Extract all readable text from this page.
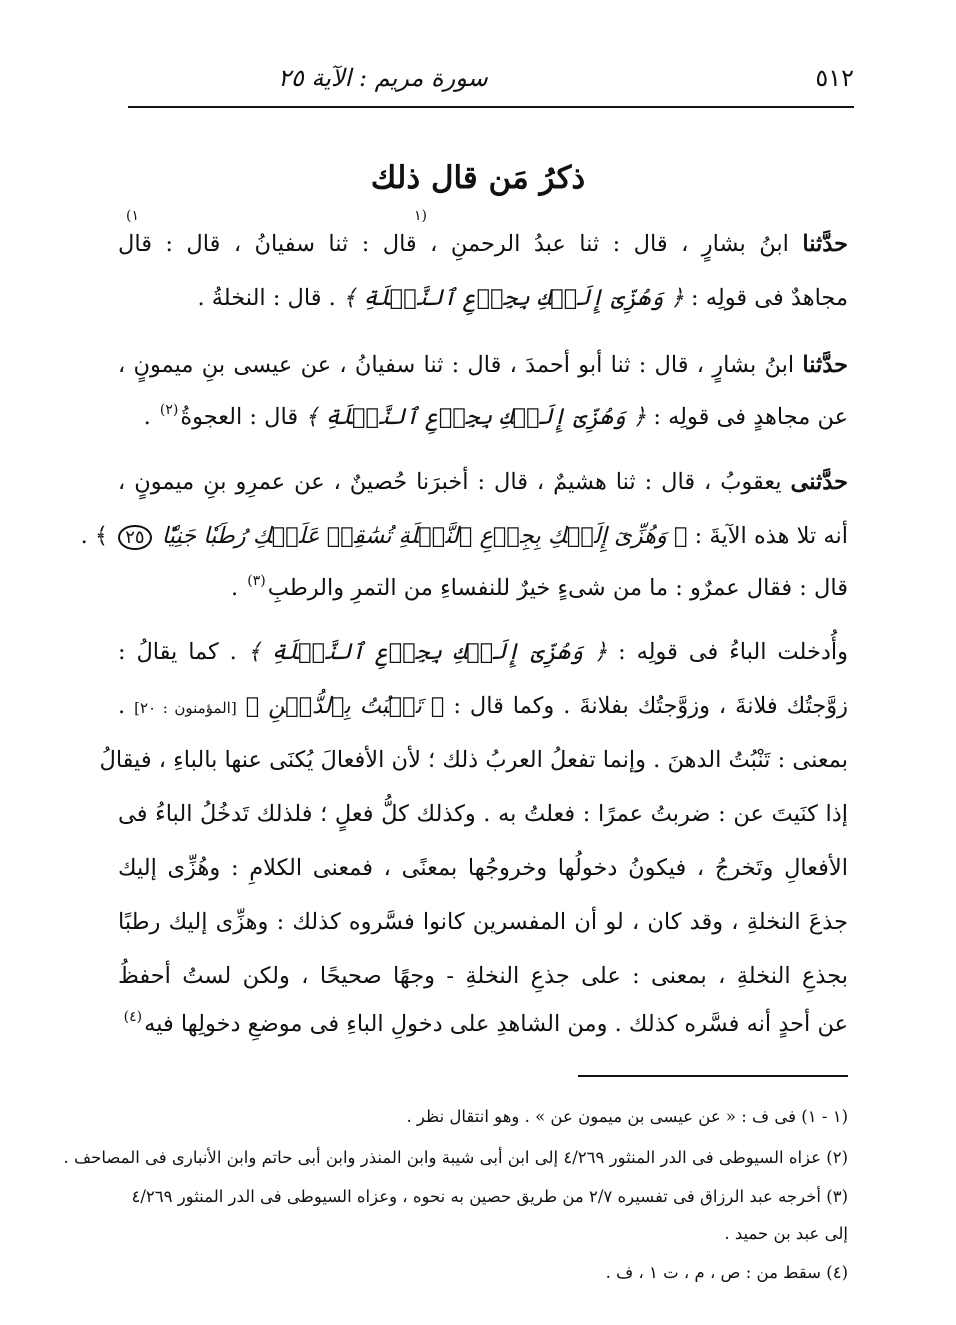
٥١٢
سورة مريم : الآية ٢٥
ذكرُ مَن قال ذلك
حدَّثنا ابنُ بشارٍ ، قال : ثنا عبدُ الرحمنِ ، قال : ثنا سفيانُ ، قال : قال
(١
١)
مجاهدٌ فى قولِه : ﴿ وَهُزِّىٓ إِلَيۡكِ بِجِذۡعِ ٱلنَّخۡلَةِ ﴾ . قال : النخلةُ .
حدَّثنا ابنُ بشارٍ ، قال : ثنا أبو أحمدَ ، قال : ثنا سفيانُ ، عن عيسى بنِ ميمونٍ ،
عن مجاهدٍ فى قولِه : ﴿ وَهُزِّىٓ إِلَيۡكِ بِجِذۡعِ ٱلنَّخۡلَةِ ﴾ قال : العجوةُ$^{(٢)}$ .
حدَّثنى يعقوبُ ، قال : ثنا هشيمٌ ، قال : أخبرَنا حُصينٌ ، عن عمرِو بنِ ميمونٍ ،
أنه تلا هذه الآيةَ : ﴿ وَهُزِّىٓ إِلَيۡكِ بِجِذۡعِ ٱلنَّخۡلَةِ تُسَٰقِطۡ عَلَيۡكِ رُطَبٗا جَنِيّٗا ٢٥ ﴾ .
قال : فقال عمرٌو : ما من شىءٍ خيرٌ للنفساءِ من التمرِ والرطبِ$^{(٣)}$ .
وأُدخلت الباءُ فى قولِه : ﴿ وَهُزِّىٓ إِلَيۡكِ بِجِذۡعِ ٱلنَّخۡلَةِ ﴾ . كما يقالُ :
زوَّجتُك فلانةَ ، وزوَّجتُك بفلانةَ . وكما قال : ﴿ تَنۢبُتُ بِٱلدُّهۡنِ ﴾ [المؤمنون : ٢٠] .
بمعنى : تَنْبُتُ الدهنَ . وإنما تفعلُ العربُ ذلك ؛ لأن الأفعالَ يُكنَى عنها بالباءِ ، فيقالُ
إذا كنَيتَ عن : ضربتُ عمرًا : فعلتُ به . وكذلك كلُّ فعلٍ ؛ فلذلك تَدخُلُ الباءُ فى
الأفعالِ وتَخرجُ ، فيكونُ دخولُها وخروجُها بمعنًى ، فمعنى الكلامِ : وهُزِّى إليك
جذعَ النخلةِ ، وقد كان ، لو أن المفسرين كانوا فسَّروه كذلك : وهزِّى إليك رطبًا
بجذعِ النخلةِ ، بمعنى : على جذعِ النخلةِ - وجهًا صحيحًا ، ولكن لستُ أحفظُ
عن أحدٍ أنه فسَّره كذلك . ومن الشاهدِ على دخولِ الباءِ فى موضعِ دخولِها فيه$^{(٤)}$
(١ - ١) فى ف : « عن عيسى بن ميمون عن » . وهو انتقال نظر .
(٢) عزاه السيوطى فى الدر المنثور ٤/٢٦٩ إلى ابن أبى شيبة وابن المنذر وابن أبى حاتم وابن الأنبارى فى المصاحف .
(٣) أخرجه عبد الرزاق فى تفسيره ٢/٧ من طريق حصين به نحوه ، وعزاه السيوطى فى الدر المنثور ٤/٢٦٩
إلى عبد بن حميد .
(٤) سقط من : ص ، م ، ت ١ ، ف .
